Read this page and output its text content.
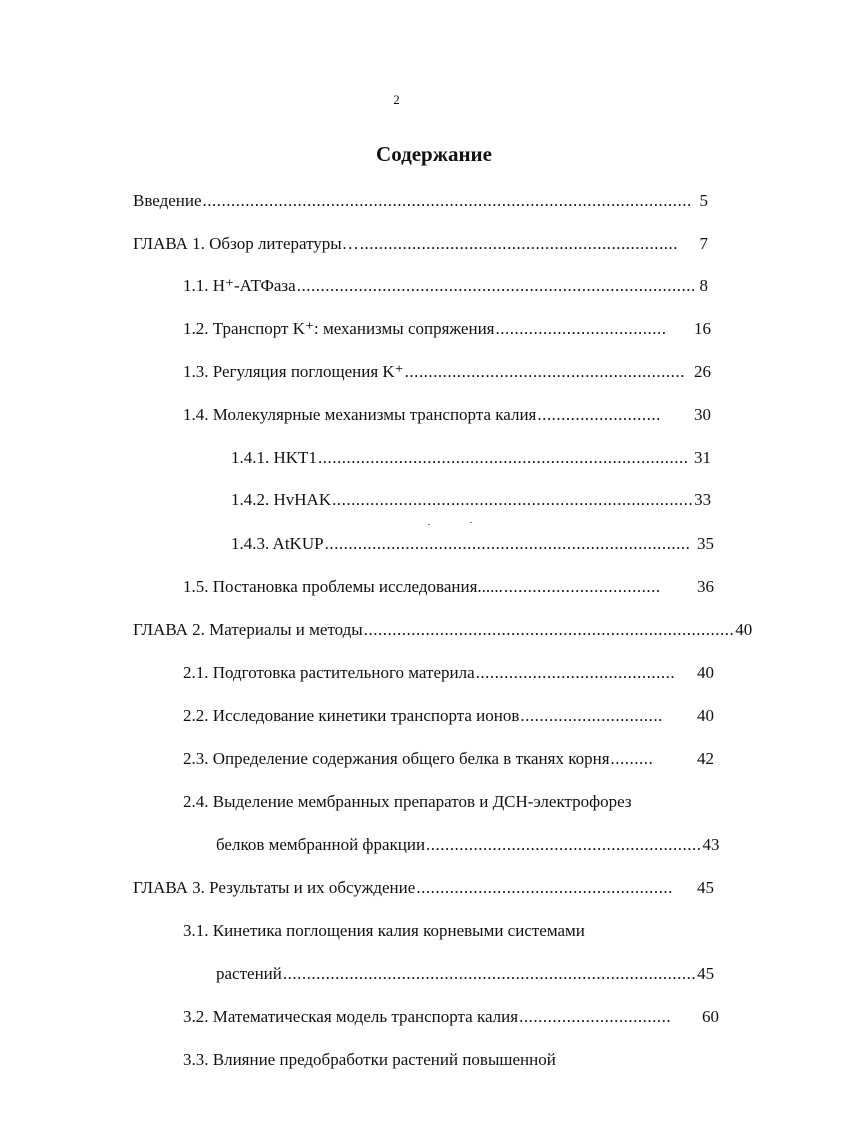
2
Содержание
Введение ....................................................................................................... 5
ГЛАВА 1. Обзор литературы… ...................................................................	7
1.1. H⁺-АТФаза .................................................................................... 8
1.2. Транспорт K⁺: механизмы сопряжения ....................................	16
1.3. Регуляция поглощения K⁺ ........................................................... 26
1.4. Молекулярные механизмы транспорта калия ..........................	30
1.4.1. HKT1 .............................................................................. 31
1.4.2. HvHAK ............................................................................ 33
1.4.3. AtKUP ............................................................................. 35
1.5. Постановка проблемы исследования...... .................................	36
ГЛАВА 2. Материалы и методы .............................................................................. 40
2.1. Подготовка растительного материла ..........................................	40
2.2. Исследование кинетики транспорта ионов ..............................	40
2.3. Определение содержания общего белка в тканях корня .........	42
2.4. Выделение мембранных препаратов и ДСН-электрофорез
белков мембранной фракции .......................................................... 43
ГЛАВА 3. Результаты и их обсуждение ......................................................	45
3.1. Кинетика поглощения калия корневыми системами
растений ....................................................................................... 45
3.2. Математическая модель транспорта калия ................................	60
3.3. Влияние предобработки растений повышенной
